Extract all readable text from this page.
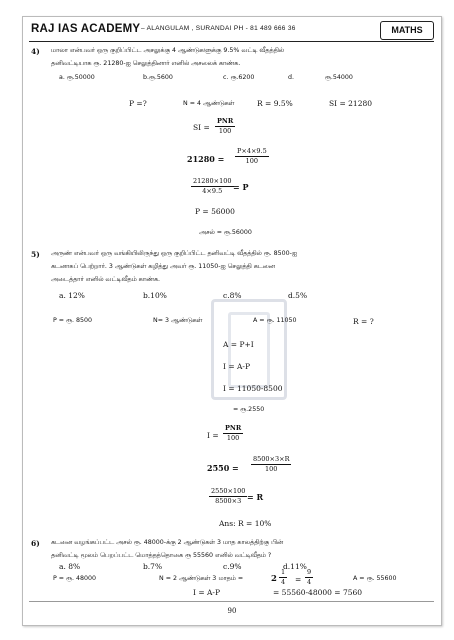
RAJ IAS ACADEMY – ALANGULAM , SURANDAI PH - 81 489 666 36	MATHS
4) மாலா என்பவர் ஒரு குறிப்பிட்ட அசலுக்கு 4 ஆண்டுகளுக்கு 9.5% வட்டி வீதத்தில்
தனிவட்டியாக ரூ. 21280-ஐ செலுத்தினார் எனில் அசலைக் காண்க.
a. ரூ.50000	b.ரூ.5600	c. ரூ.6200	d.	ரூ.54000
P =?	N = 4 ஆண்டுகள்	R = 9.5%	SI = 21280
SI =
PNR
100
$21280 = \frac{P\times 4\times 9.5}{100}$
$\frac{21280\times 100}{4\times 9.5} = P$
P = 56000
அசல் = ரூ.56000
5) அருண் என்பவர் ஒரு வங்கியிலிருந்து ஒரு குறிப்பிட்ட தனிவட்டி வீதத்தில் ரூ. 8500-ஐ
கடனாகப் பெற்றார். 3 ஆண்டுகள் கழித்து அவர் ரூ. 11050-ஐ செலுத்தி கடனை
அடைத்தார் எனில் வட்டிவீதம் காண்க.
a. 12%	b.10%	c.8%	d.5%
P = ரூ. 8500	N= 3 ஆண்டுகள்	A = ரூ. 11050	R = ?
A = P+I
I = A-P
I = 11050-8500
= ரூ.2550
I =
PNR
100
$2550 = \frac{8500\times 3\times R}{100}$
$\frac{2550\times 100}{8500\times 3} = R$
Ans: R = 10%
6) கடனை வழங்கப்பட்ட அசல் ரூ. 48000-க்கு 2 ஆண்டுகள் 3 மாத காலத்திற்கு பின்
தனிவட்டி மூலம் பெறப்பட்ட மொத்தத்தொகை ரூ 55560 எனில் வட்டிவீதம் ?
a. 8%	b.7%	c.9%	d.11%
P = ரூ. 48000	N = 2 ஆண்டுகள் 3 மாதம் =	$2 \frac{1}{4} = \frac{9}{4}$	A = ரூ. 55600
90
I = A-P	= 55560-48000 = 7560
